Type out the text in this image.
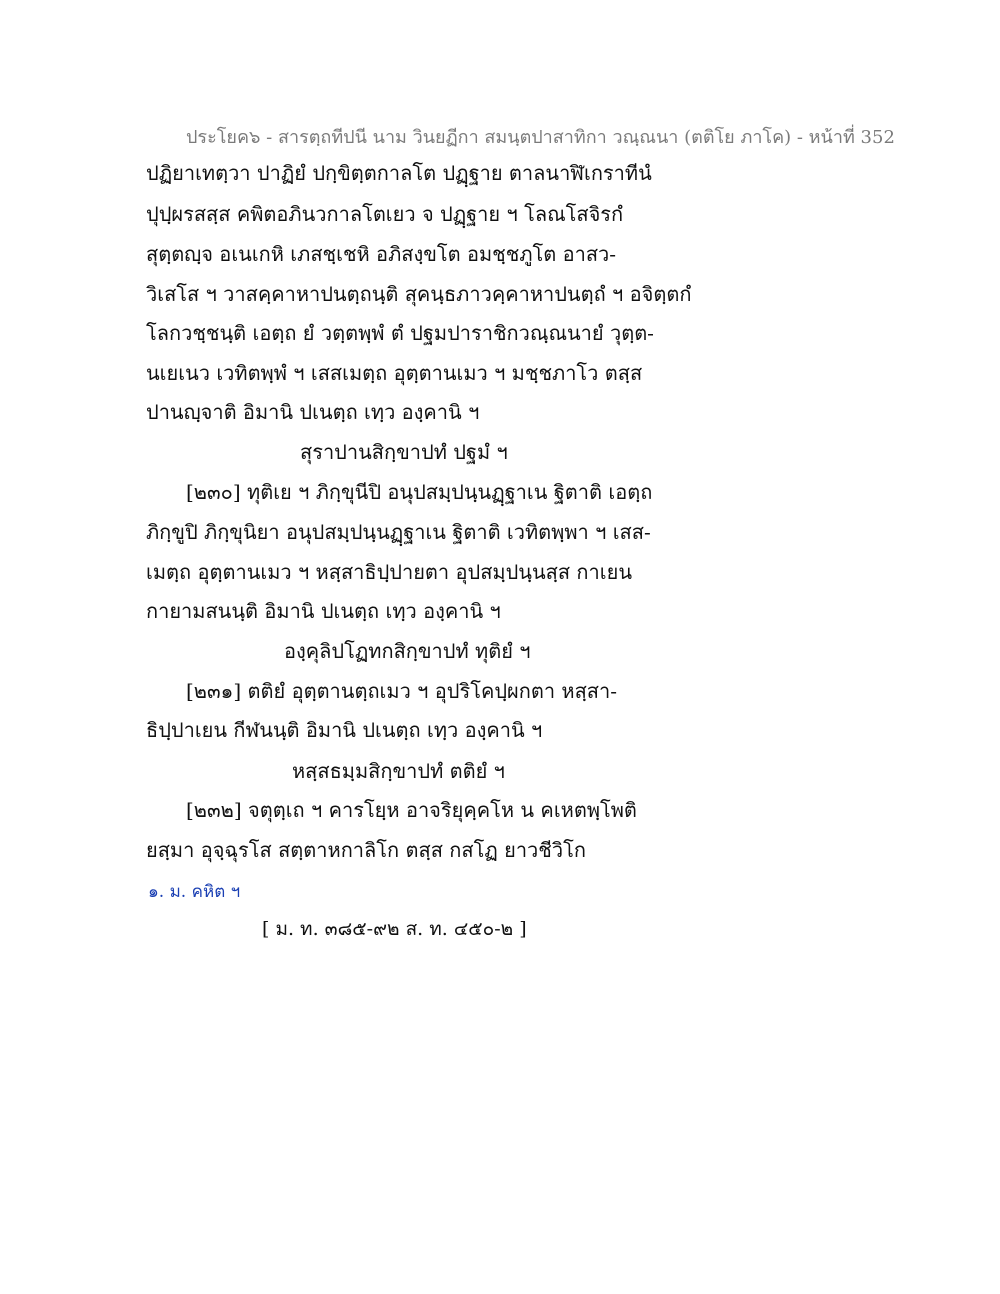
ประโยค๖ - สารตฺถทีปนี นาม วินยฏีกา สมนฺตปาสาทิกา วณฺณนา (ตติโย ภาโค) - หน้าที่ 352
ปฏิยาเทตฺวา ปาฏิยํ ปกฺขิตฺตกาลโต ปฏฺฐาย ตาลนาฬิเกราทีนํ
ปุปฺผรสสฺส คพิตอภินวกาลโตเยว จ ปฏฺฐาย ฯ โลณโสจิรกํ
สุตฺตญฺจ อเนเกหิ เภสชฺเชหิ อภิสงฺขโต อมชฺชภูโต อาสว-
วิเสโส ฯ วาสคฺคาหาปนตฺถนฺติ สุคนฺธภาวคฺคาหาปนตฺถํ ฯ อจิตฺตกํ
โลกวชฺชนฺติ เอตฺถ ยํ วตฺตพฺพํ ตํ ปฐมปาราชิกวณฺณนายํ วุตฺต-
นเยเนว เวทิตพฺพํ ฯ เสสเมตฺถ อุตฺตานเมว ฯ มชฺชภาโว ตสฺส
ปานญฺจาติ อิมานิ ปเนตฺถ เทฺว องฺคานิ ฯ
สุราปานสิกฺขาปทํ ปฐมํ ฯ
[๒๓๐] ทุติเย ฯ ภิกฺขุนีปิ อนุปสมฺปนฺนฏฺฐาเน ฐิตาติ เอตฺถ
ภิกฺขูปิ ภิกฺขุนิยา อนุปสมฺปนฺนฏฺฐาเน ฐิตาติ เวทิตพฺพา ฯ เสส-
เมตฺถ อุตฺตานเมว ฯ หสฺสาธิปฺปายตา อุปสมฺปนฺนสฺส กาเยน
กายามสนนฺติ อิมานิ ปเนตฺถ เทฺว องฺคานิ ฯ
องฺคุลิปโฏทกสิกฺขาปทํ ทุติยํ ฯ
[๒๓๑] ตติยํ อุตฺตานตฺถเมว ฯ อุปริโคปฺผกตา หสฺสา-
ธิปฺปาเยน กีฬนนฺติ อิมานิ ปเนตฺถ เทฺว องฺคานิ ฯ
หสฺสธมฺมสิกฺขาปทํ ตติยํ ฯ
[๒๓๒] จตุตฺเถ ฯ คารโยฺห อาจริยุคฺคโห น คเหตพฺโพติ
ยสฺมา อุจฺฉุรโส สตฺตาหกาลิโก ตสฺส กสโฏ ยาวชีวิโก
๑. ม. คหิต ฯ
[ ม. ท. ๓๘๕-๙๒ ส. ท. ๔๕๐-๒ ]
